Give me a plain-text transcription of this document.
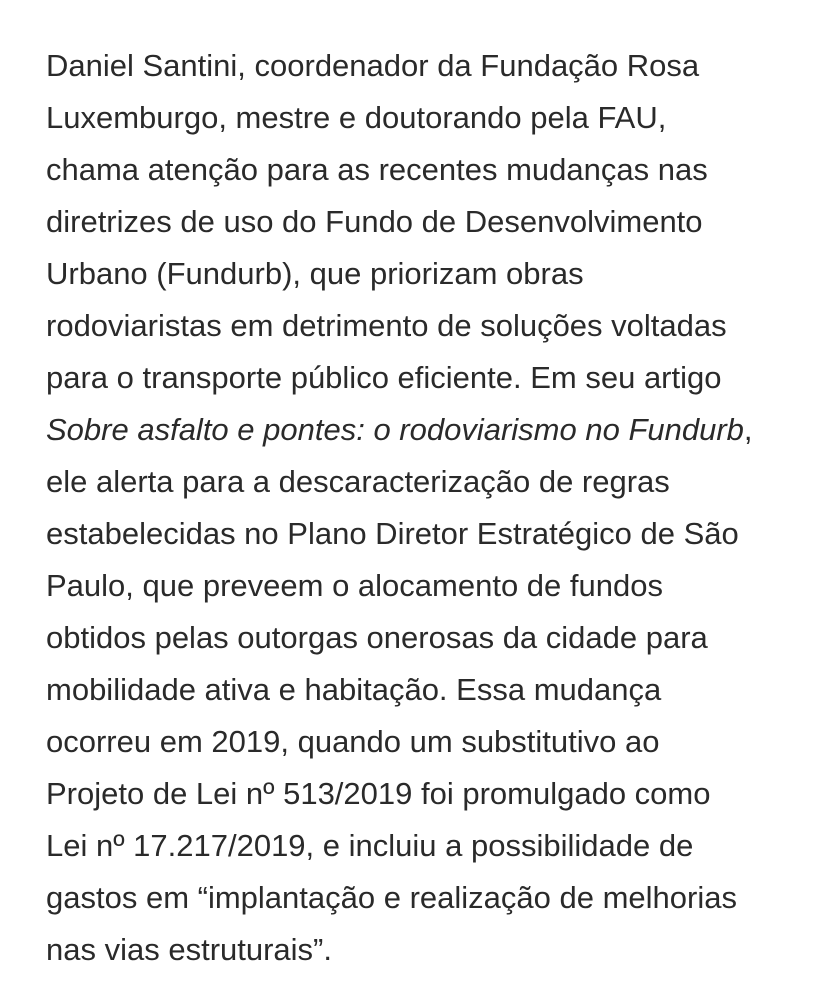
Daniel Santini, coordenador da Fundação Rosa
Luxemburgo, mestre e doutorando pela FAU,
chama atenção para as recentes mudanças nas
diretrizes de uso do Fundo de Desenvolvimento
Urbano (Fundurb), que priorizam obras
rodoviaristas em detrimento de soluções voltadas
para o transporte público eficiente. Em seu artigo
Sobre asfalto e pontes: o rodoviarismo no Fundurb,
ele alerta para a descaracterização de regras
estabelecidas no Plano Diretor Estratégico de São
Paulo, que preveem o alocamento de fundos
obtidos pelas outorgas onerosas da cidade para
mobilidade ativa e habitação. Essa mudança
ocorreu em 2019, quando um substitutivo ao
Projeto de Lei nº 513/2019 foi promulgado como
Lei nº 17.217/2019, e incluiu a possibilidade de
gastos em “implantação e realização de melhorias
nas vias estruturais”.
